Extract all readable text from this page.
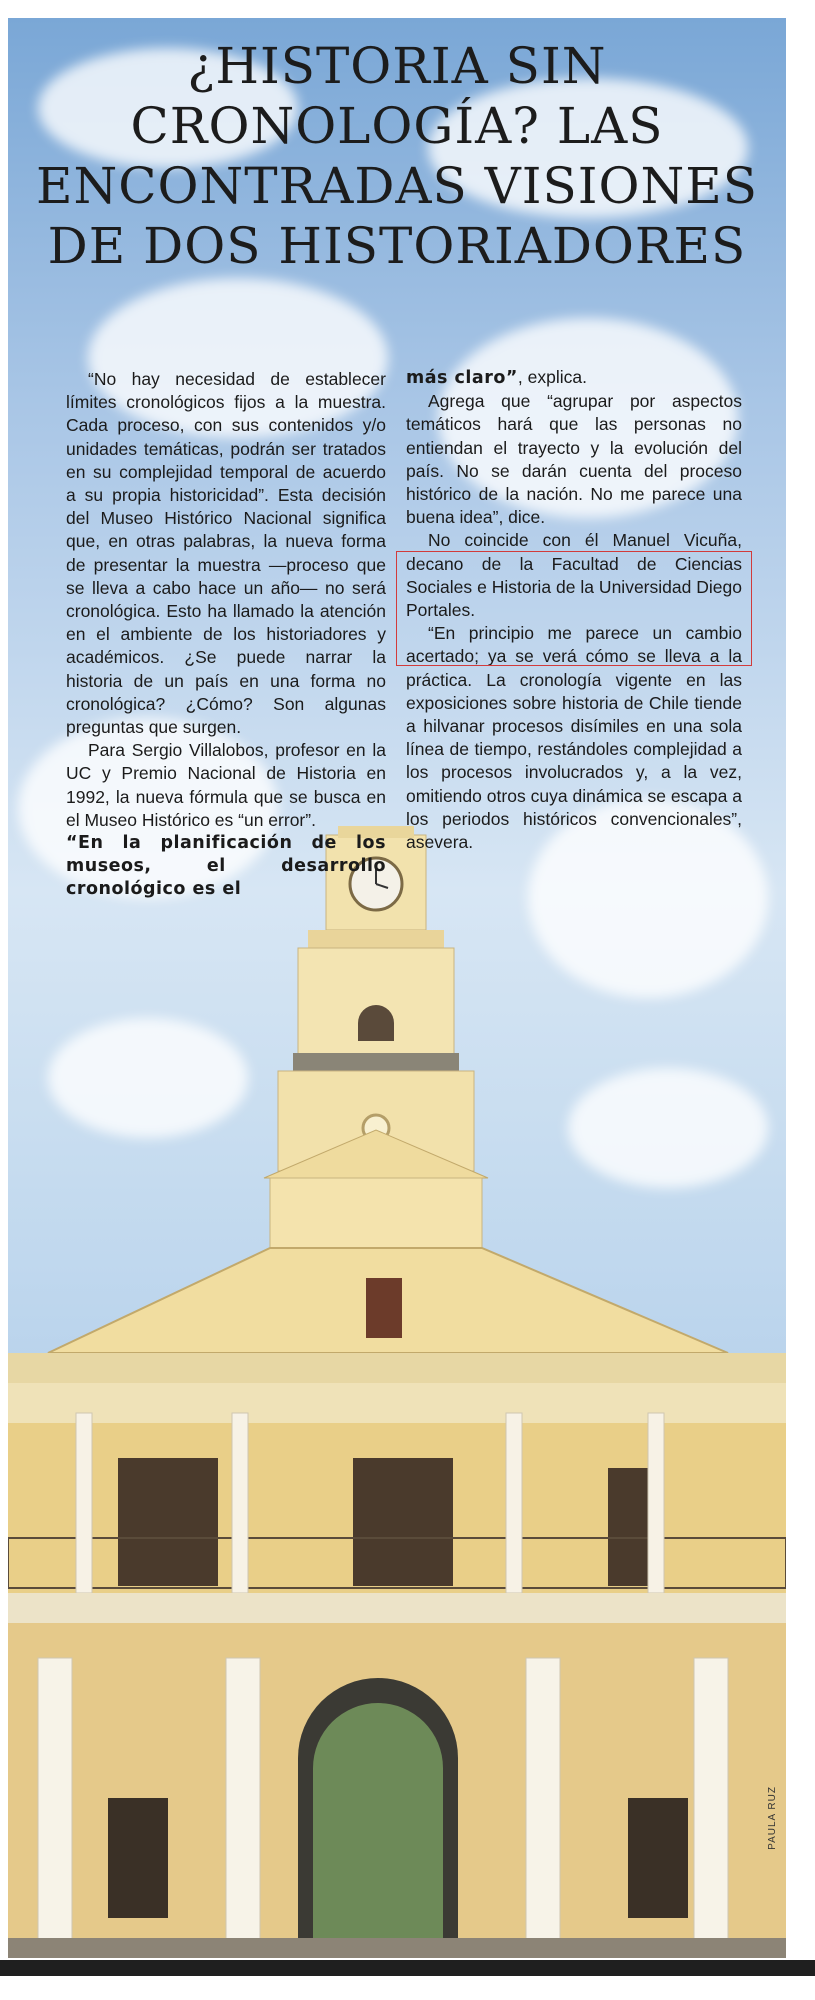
¿HISTORIA SIN CRONOLOGÍA? LAS ENCONTRADAS VISIONES DE DOS HISTORIADORES

“No hay necesidad de establecer límites cronológicos fijos a la muestra. Cada proceso, con sus contenidos y/o unidades temáticas, podrán ser tratados en su complejidad temporal de acuerdo a su propia historicidad”. Esta decisión del Museo Histórico Nacional significa que, en otras palabras, la nueva forma de presentar la muestra —proceso que se lleva a cabo hace un año— no será cronológica. Esto ha llamado la atención en el ambiente de los historiadores y académicos. ¿Se puede narrar la historia de un país en una forma no cronológica? ¿Cómo? Son algunas preguntas que surgen.

Para Sergio Villalobos, profesor en la UC y Premio Nacional de Historia en 1992, la nueva fórmula que se busca en el Museo Histórico es “un error”.

“En la planificación de los museos, el desarrollo cronológico es el

más claro”, explica.

Agrega que “agrupar por aspectos temáticos hará que las personas no entiendan el trayecto y la evolución del país. No se darán cuenta del proceso histórico de la nación. No me parece una buena idea”, dice.

No coincide con él Manuel Vicuña, decano de la Facultad de Ciencias Sociales e Historia de la Universidad Diego Portales.

“En principio me parece un cambio acertado; ya se verá cómo se lleva a la práctica. La cronología vigente en las exposiciones sobre historia de Chile tiende a hilvanar procesos disímiles en una sola línea de tiempo, restándoles complejidad a los procesos involucrados y, a la vez, omitiendo otros cuya dinámica se escapa a los periodos históricos convencionales”, asevera.

PAULA RUZ
